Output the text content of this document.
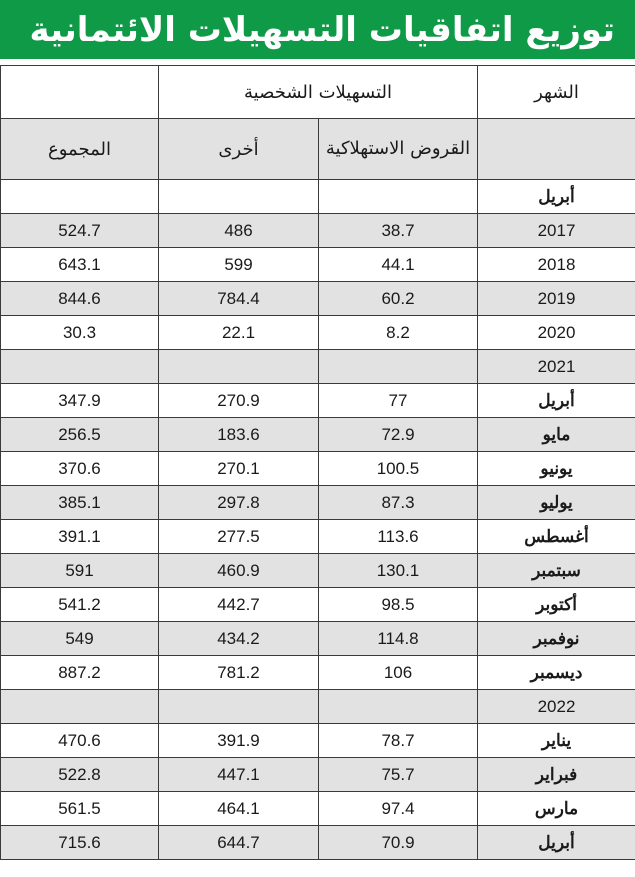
توزيع اتفاقيات التسهيلات الائتمانية
الشهر	التسهيلات الشخصية		
	القروض الاستهلاكية	أخرى	المجموع
أبريل			
2017	38.7	486	524.7
2018	44.1	599	643.1
2019	60.2	784.4	844.6
2020	8.2	22.1	30.3
2021			
أبريل	77	270.9	347.9
مايو	72.9	183.6	256.5
يونيو	100.5	270.1	370.6
يوليو	87.3	297.8	385.1
أغسطس	113.6	277.5	391.1
سبتمبر	130.1	460.9	591
أكتوبر	98.5	442.7	541.2
نوفمبر	114.8	434.2	549
ديسمبر	106	781.2	887.2
2022			
يناير	78.7	391.9	470.6
فبراير	75.7	447.1	522.8
مارس	97.4	464.1	561.5
أبريل	70.9	644.7	715.6
